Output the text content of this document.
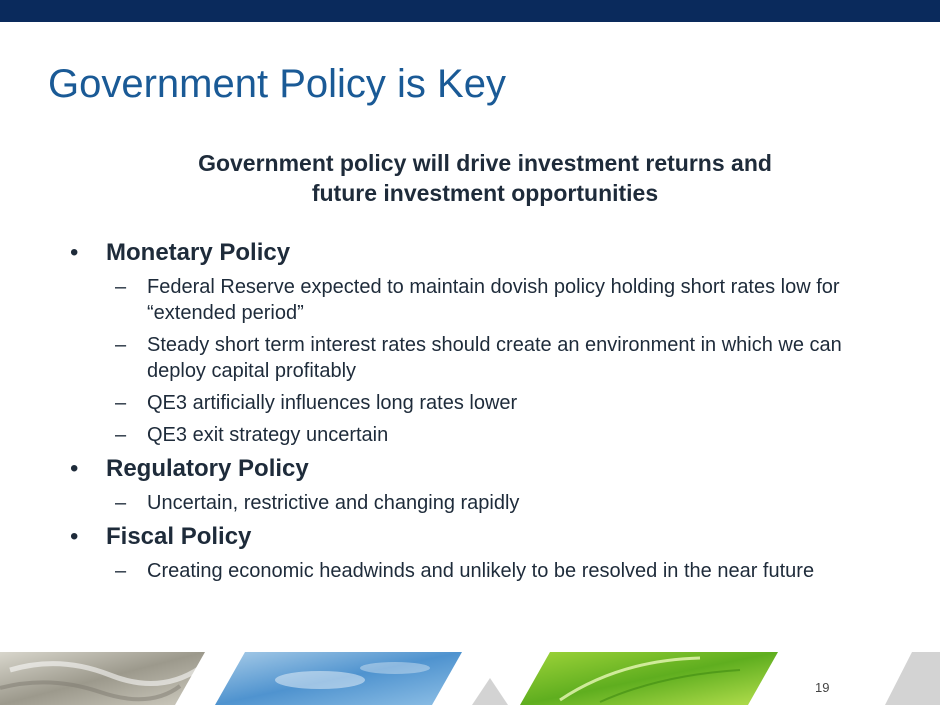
Government Policy is Key
Government policy will drive investment returns and
future investment opportunities
• Monetary Policy
– Federal Reserve expected to maintain dovish policy holding short rates low for “extended period”
– Steady short term interest rates should create an environment in which we can deploy capital profitably
– QE3 artificially influences long rates lower
– QE3 exit strategy uncertain
• Regulatory Policy
– Uncertain, restrictive and changing rapidly
• Fiscal Policy
– Creating economic headwinds and unlikely to be resolved in the near future
19
